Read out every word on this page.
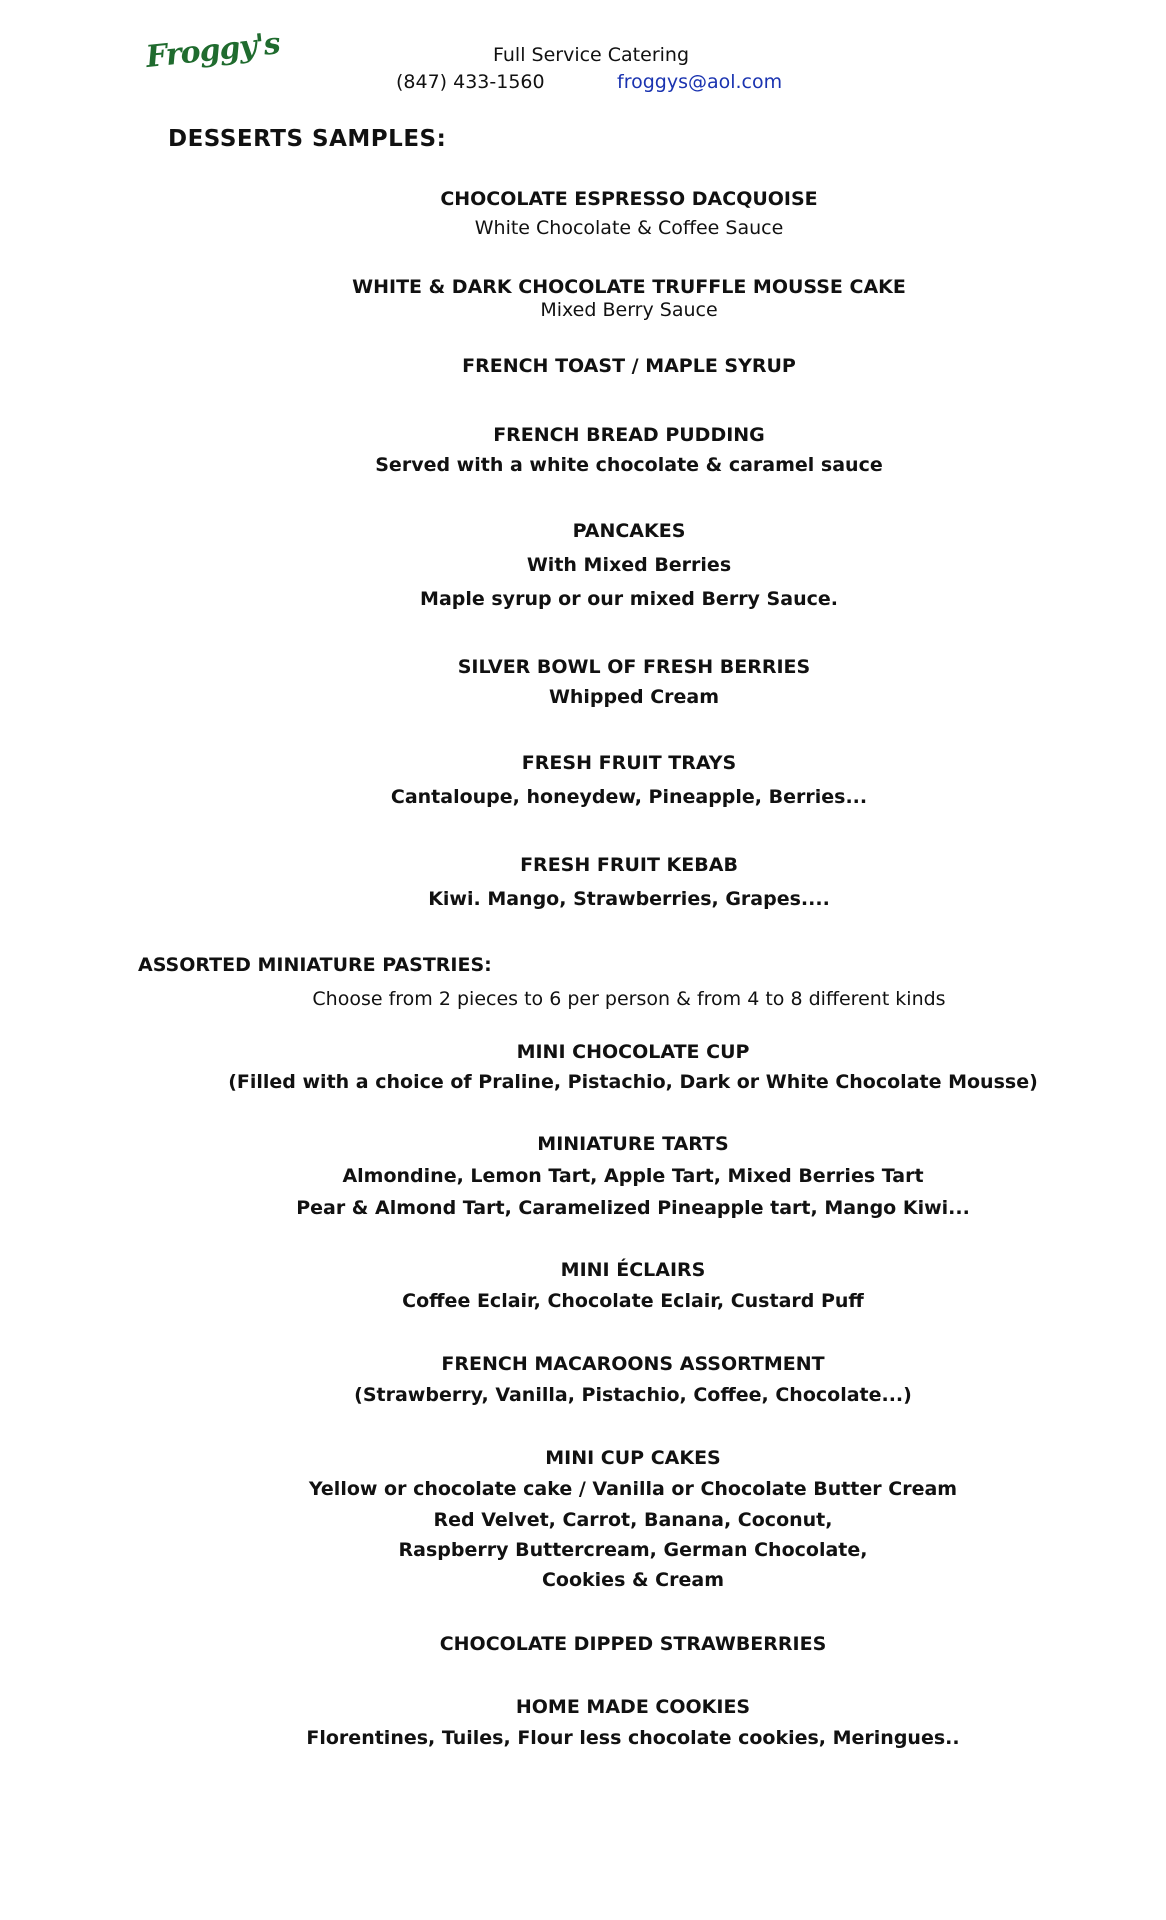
Froggy's	Full Service Catering
(847) 433-1560	froggys@aol.com
DESSERTS SAMPLES:
CHOCOLATE ESPRESSO DACQUOISE
White Chocolate & Coffee Sauce
WHITE & DARK CHOCOLATE TRUFFLE MOUSSE CAKE
Mixed Berry Sauce
FRENCH TOAST / MAPLE SYRUP
FRENCH BREAD PUDDING
Served with a white chocolate & caramel sauce
PANCAKES
With Mixed Berries
Maple syrup or our mixed Berry Sauce.
SILVER BOWL OF FRESH BERRIES
Whipped Cream
FRESH FRUIT TRAYS
Cantaloupe, honeydew, Pineapple, Berries...
FRESH FRUIT KEBAB
Kiwi. Mango, Strawberries, Grapes....
ASSORTED MINIATURE PASTRIES:
Choose from 2 pieces to 6 per person & from 4 to 8 different kinds
MINI CHOCOLATE CUP
(Filled with a choice of Praline, Pistachio, Dark or White Chocolate Mousse)
MINIATURE TARTS
Almondine, Lemon Tart, Apple Tart, Mixed Berries Tart
Pear & Almond Tart, Caramelized Pineapple tart, Mango Kiwi...
MINI ÉCLAIRS
Coffee Eclair, Chocolate Eclair, Custard Puff
FRENCH MACAROONS ASSORTMENT
(Strawberry, Vanilla, Pistachio, Coffee, Chocolate...)
MINI CUP CAKES
Yellow or chocolate cake / Vanilla or Chocolate Butter Cream
Red Velvet, Carrot, Banana, Coconut,
Raspberry Buttercream, German Chocolate,
Cookies & Cream
CHOCOLATE DIPPED STRAWBERRIES
HOME MADE COOKIES
Florentines, Tuiles, Flour less chocolate cookies, Meringues..
